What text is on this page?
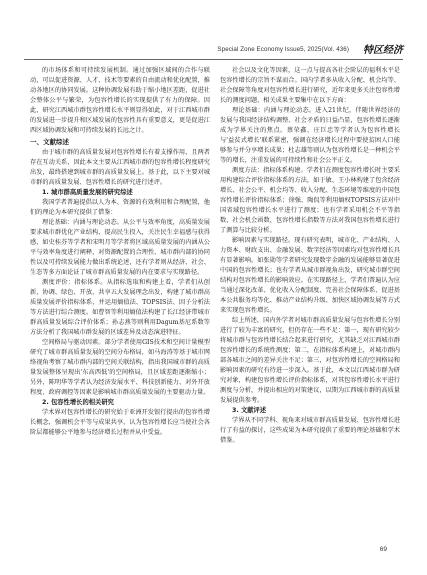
Special Zone Economy Issue5, 2025(Vol. 436) 特区经济

的市场体系和可持续发展机制。通过加强区域间的合作与联动，可以促进资源、人才、技术等要素的自由流动和优化配置，推动各地区的协同发展。这种协调发展有助于缩小地区差距，促进社会整体公平与繁荣，为包容性增长的实现提供了有力的保障。因此，研究江西城市群包容性增长水平则显得如此，对于江西城市群的发展进一步提升和区域发展的包容性具有重要意义，更是促进江西区域协调发展和可持续发展的长远之计。

一、文献综述

由于城市群的高质量发展对包容性增长有着支撑作用，且两者存在互动关系，因此本文主要从江西城市群的包容性增长程度研究出发，最终搭建到城市群的高质量发展上。基于此，以下主要对城市群的高质量发展、包容性增长的研究进行述评。

1. 城市群高质量发展的研究综述

我国学者普遍提倡以人为本、资源的有效利用和合理配置，他们的理论为本研究提供了借鉴：

理论基础：内涵与理论动态。从公平与效率角度，高质量发展要求城市群优化产业结构，提高民生投入，关注民生幸福感与获得感，如史桂芬等学者和宋明月等学者将区域高质量发展的内涵从公平与效率角度进行阐释，对资源配置的合理性、城市群内部的协同性以及可持续发展能力做出系统论述，还有学者则从经济、社会、生态等多方面论证了城市群高质量发展的内在要求与实现路径。

测度评价：指标体系。从指标选取和构建上看，学者们从创新、协调、绿色、开放、共享五大发展理念出发，构建了城市群高质量发展评价指标体系，并运用熵值法、TOPSIS法、因子分析法等方法进行综合测度。如曹智等利用熵值法构建了长江经济带城市群高质量发展综合评价体系；孙志燕等则利用Dagum基尼系数等方法分析了我国城市群发展的区域差异及动态演进特征。

空间格局与驱动因素。部分学者使用GIS技术和空间计量模型研究了城市群高质量发展的空间分布格局，如马海涛等基于城市网络视角考察了城市群内部的空间关联结构，指出我国城市群的高质量发展整体呈现出'东高西低'的空间格局，且区域差距逐渐缩小；另外，陈明华等学者认为经济发展水平、科技创新能力、对外开放程度、政府调控等因素是影响城市群高质量发展的主要驱动力量。

2. 包容性增长的相关研究

学术界对包容性增长的研究始于亚洲开发银行提出的包容性增长概念，强调机会平等与成果共享，认为包容性增长应当使社会各阶层都能够公平地参与经济增长过程并从中受益。

社会以及文化等因素，这一点与提高各社会阶层的福利水平是包容性增长的宗旨不谋而合。国内学者多从收入分配、机会均等、社会保障等角度对包容性增长进行研究，近年来更多关注包容性增长的测度问题，相关成果主要集中在以下方面：

理论基础：内涵与理论动态。进入21世纪，伴随世界经济的发展与我国经济结构调整、社会矛盾的日益凸显，包容性增长逐渐成为学界关注的焦点。蔡荣鑫、庄巨忠等学者认为包容性增长与'益贫式增长'联系紧密，强调在经济增长过程中要使贫困人口能够参与并分享增长成果；杜志雄等则认为包容性增长是一种机会平等的增长，注重发展的可持续性和社会公平正义。

测度方法：指标体系构建。学者们在测度包容性增长时主要采用构建综合评价指标体系的方法，如于敏、王小林构建了包含经济增长、社会公平、机会均等、收入分配、生态环境等维度的中国包容性增长评价指标体系；徐强、陶侃等利用熵权TOPSIS方法对中国省域包容性增长水平进行了测度；也有学者采用机会不平等指数、社会机会函数、包容性增长指数等方法对我国包容性增长进行了测算与比较分析。

影响因素与实现路径。现有研究表明，城市化、产业结构、人力资本、财政支出、金融发展、数字经济等因素均对包容性增长具有显著影响。如张勋等学者研究发现数字金融的发展能够显著促进中国的包容性增长；也有学者从城市群视角出发，研究城市群空间结构对包容性增长的影响效应。在实现路径上，学者们普遍认为应当通过深化改革、优化收入分配制度、完善社会保障体系、促进基本公共服务均等化、推动产业结构升级、加快区域协调发展等方式来实现包容性增长。

综上所述，国内外学者对城市群高质量发展与包容性增长分别进行了较为丰富的研究，但仍存在一些不足：第一，现有研究较少将城市群与包容性增长结合起来进行研究，尤其缺乏对江西城市群包容性增长的系统性测度；第二，在指标体系构建上，对城市群内部各城市之间的差异关注不足；第三，对包容性增长的空间格局和影响因素的研究有待进一步深入。基于此，本文以江西城市群为研究对象，构建包容性增长评价指标体系，对其包容性增长水平进行测度与分析，并提出相应的对策建议，以期为江西城市群的高质量发展提供参考。

3. 文献评述

学界从不同学科、视角来对城市群高质量发展、包容性增长进行了有益的探讨，这些成果为本研究提供了重要的理论基础和学术借鉴。

69
